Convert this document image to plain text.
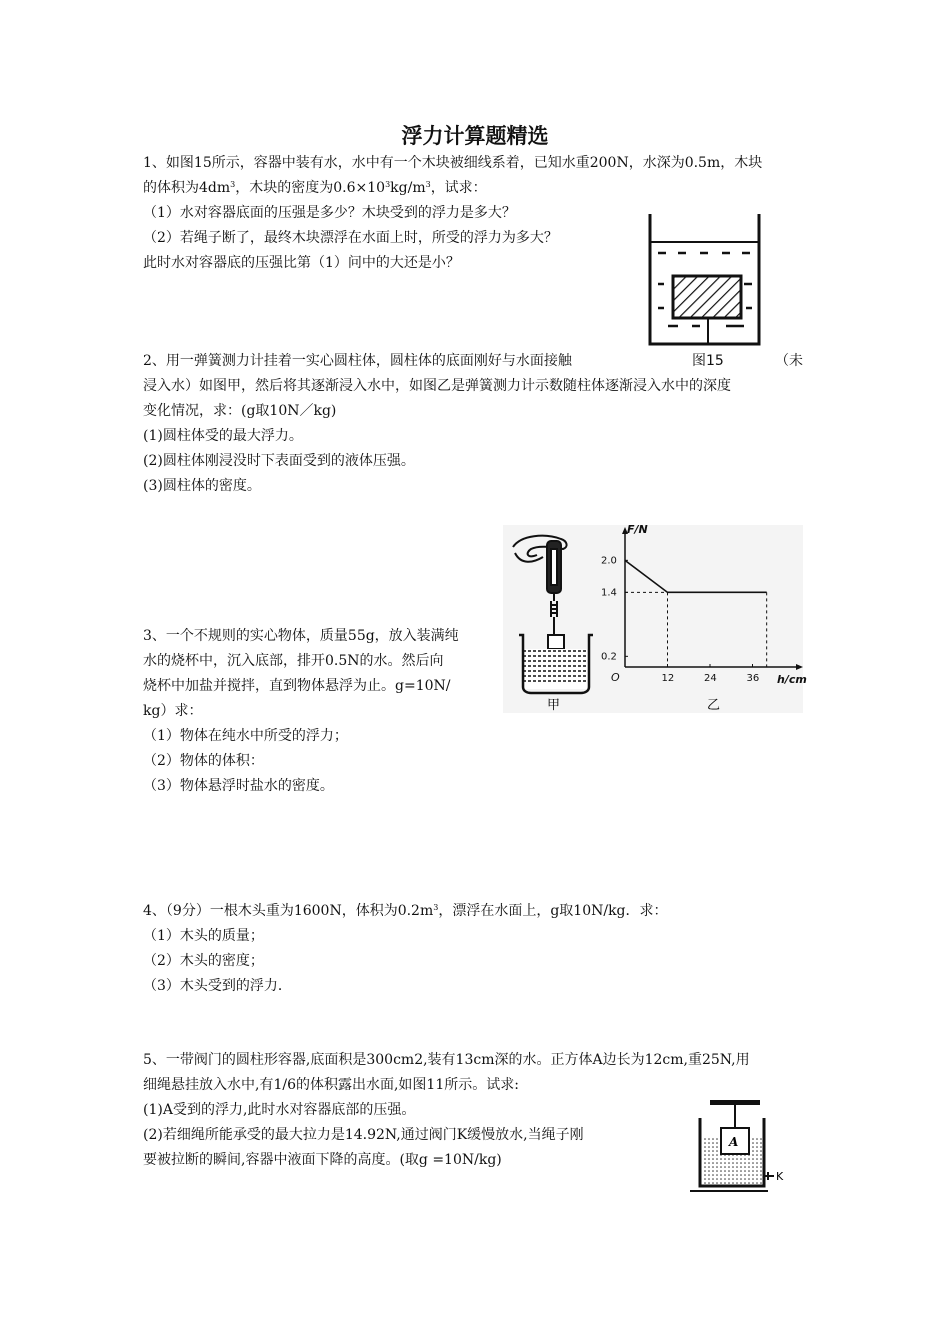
浮力计算题精选
1、如图15所示，容器中装有水，水中有一个木块被细线系着，已知水重200N，水深为0.5m，木块
的体积为$4dm^3$，木块的密度为$0.6\times 10^3kg/m^3$，试求：
（1）水对容器底面的压强是多少？木块受到的浮力是多大？
（2）若绳子断了，最终木块漂浮在水面上时，所受的浮力为多大？
此时水对容器底的压强比第（1）问中的大还是小？
图15
2、用一弹簧测力计挂着一实心圆柱体，圆柱体的底面刚好与水面接触	（未
浸入水）如图甲，然后将其逐渐浸入水中，如图乙是弹簧测力计示数随柱体逐渐浸入水中的深度
变化情况，求：(g取10N／kg)
(1)圆柱体受的最大浮力。
(2)圆柱体刚浸没时下表面受到的液体压强。
(3)圆柱体的密度。
甲
F/N
h/cm
O
2.0
1.4
0.2
12	24	36
乙
3、一个不规则的实心物体，质量55g，放入装满纯
水的烧杯中，沉入底部，排开0.5N的水。然后向
烧杯中加盐并搅拌，直到物体悬浮为止。g=10N/
kg）求：
（1）物体在纯水中所受的浮力；
（2）物体的体积：
（3）物体悬浮时盐水的密度。
4、（9分）一根木头重为1600N，体积为$0.2m^3$，漂浮在水面上，g取10N/kg．求：
（1）木头的质量；
（2）木头的密度；
（3）木头受到的浮力．
5、一带阀门的圆柱形容器,底面积是300cm2,装有13cm深的水。正方体A边长为12cm,重25N,用
细绳悬挂放入水中,有1/6的体积露出水面,如图11所示。试求:
(1)A受到的浮力,此时水对容器底部的压强。
(2)若细绳所能承受的最大拉力是14.92N,通过阀门K缓慢放水,当绳子刚
要被拉断的瞬间,容器中液面下降的高度。(取g =10N/kg)
A
K
